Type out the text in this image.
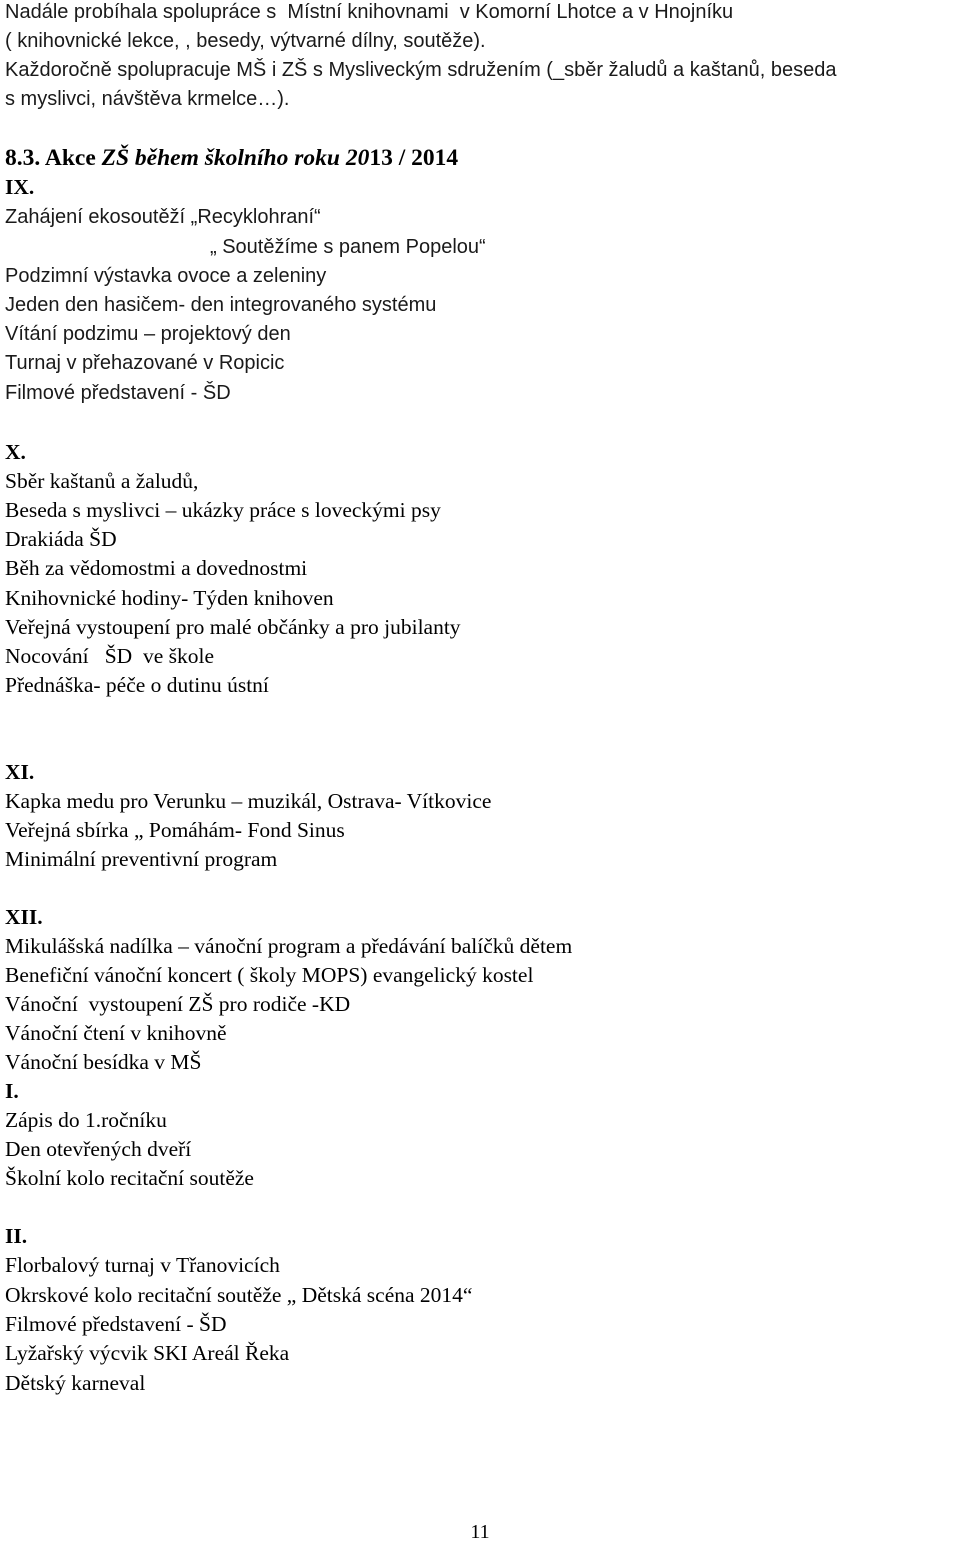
Nadále probíhala spolupráce s  Místní knihovnami  v Komorní Lhotce a v Hnojníku
( knihovnické lekce, , besedy, výtvarné dílny, soutěže).
Každoročně spolupracuje MŠ i ZŠ s Mysliveckým sdružením (_sběr žaludů a kaštanů, beseda
s myslivci, návštěva krmelce…).
8.3. Akce ZŠ během školního roku 2013 / 2014
IX.
Zahájení ekosoutěží „Recyklohraní“
„ Soutěžíme s panem Popelou“
Podzimní výstavka ovoce a zeleniny
Jeden den hasičem- den integrovaného systému
Vítání podzimu – projektový den
Turnaj v přehazované v Ropicic
Filmové představení - ŠD
X.
Sběr kaštanů a žaludů,
Beseda s myslivci – ukázky práce s loveckými psy
Drakiáda ŠD
Běh za vědomostmi a dovednostmi
Knihovnické hodiny- Týden knihoven
Veřejná vystoupení pro malé občánky a pro jubilanty
Nocování   ŠD  ve škole
Přednáška- péče o dutinu ústní
XI.
Kapka medu pro Verunku – muzikál, Ostrava- Vítkovice
Veřejná sbírka „ Pomáhám- Fond Sinus
Minimální preventivní program
XII.
Mikulášská nadílka – vánoční program a předávání balíčků dětem
Benefiční vánoční koncert ( školy MOPS) evangelický kostel
Vánoční  vystoupení ZŠ pro rodiče -KD
Vánoční čtení v knihovně
Vánoční besídka v MŠ
I.
Zápis do 1.ročníku
Den otevřených dveří
Školní kolo recitační soutěže
II.
Florbalový turnaj v Třanovicích
Okrskové kolo recitační soutěže „ Dětská scéna 2014“
Filmové představení - ŠD
Lyžařský výcvik SKI Areál Řeka
Dětský karneval
11
